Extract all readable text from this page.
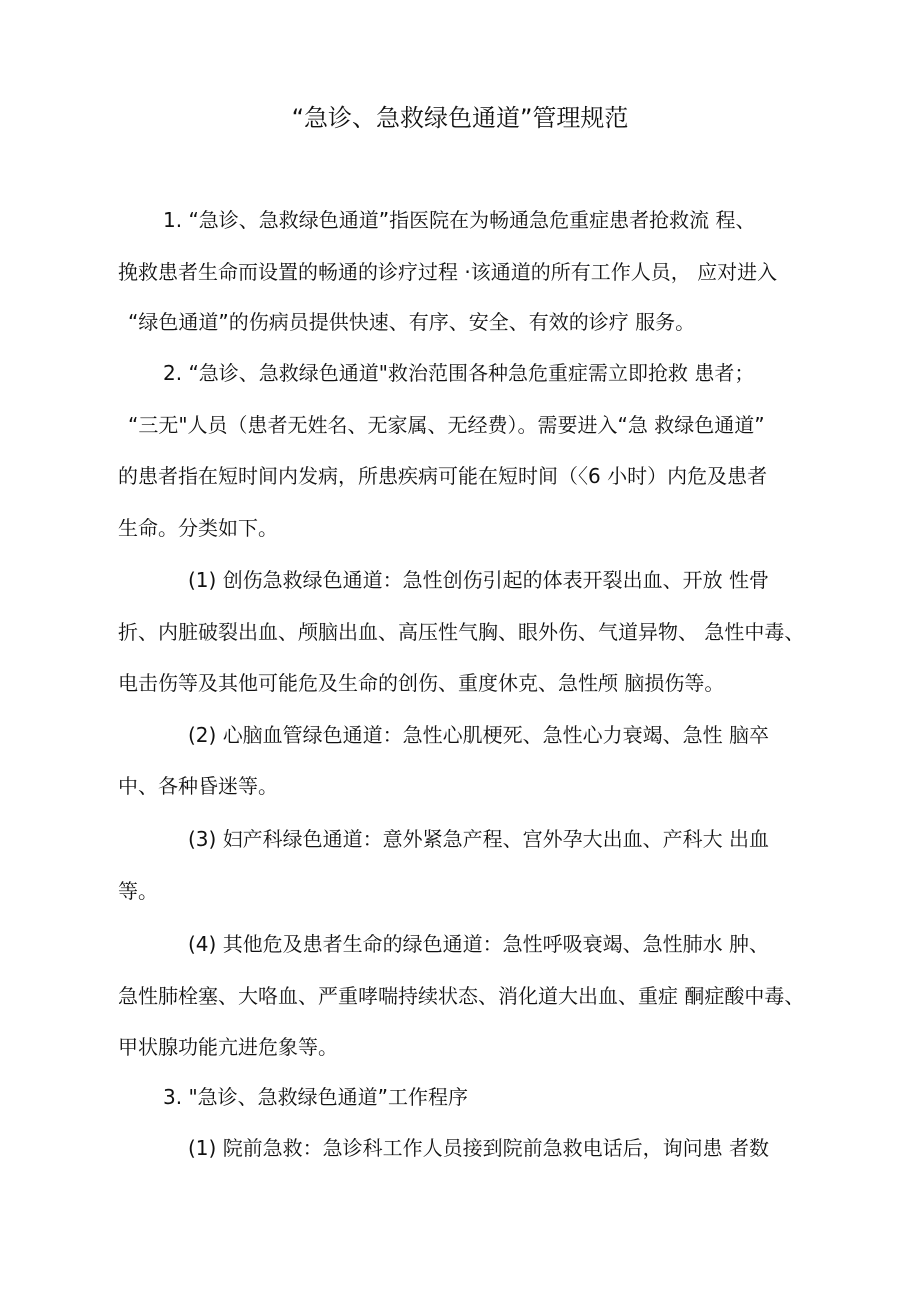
“急诊、急救绿色通道”管理规范
1. “急诊、急救绿色通道”指医院在为畅通急危重症患者抢救流 程、
挽救患者生命而设置的畅通的诊疗过程 ·该通道的所有工作人员， 应对进入
“绿色通道”的伤病员提供快速、有序、安全、有效的诊疗 服务。
2. “急诊、急救绿色通道"救治范围各种急危重症需立即抢救 患者；
“三无"人员（患者无姓名、无家属、无经费）。需要进入“急 救绿色通道”
的患者指在短时间内发病，所患疾病可能在短时间（〈6 小时）内危及患者
生命。分类如下。
(1) 创伤急救绿色通道：急性创伤引起的体表开裂出血、开放 性骨
折、内脏破裂出血、颅脑出血、高压性气胸、眼外伤、气道异物、 急性中毒、
电击伤等及其他可能危及生命的创伤、重度休克、急性颅 脑损伤等。
(2) 心脑血管绿色通道：急性心肌梗死、急性心力衰竭、急性 脑卒
中、各种昏迷等。
(3) 妇产科绿色通道：意外紧急产程、宫外孕大出血、产科大 出血
等。
(4) 其他危及患者生命的绿色通道：急性呼吸衰竭、急性肺水 肿、
急性肺栓塞、大咯血、严重哮喘持续状态、消化道大出血、重症 酮症酸中毒、
甲状腺功能亢进危象等。
3. "急诊、急救绿色通道”工作程序
(1) 院前急救：急诊科工作人员接到院前急救电话后，询问患 者数
